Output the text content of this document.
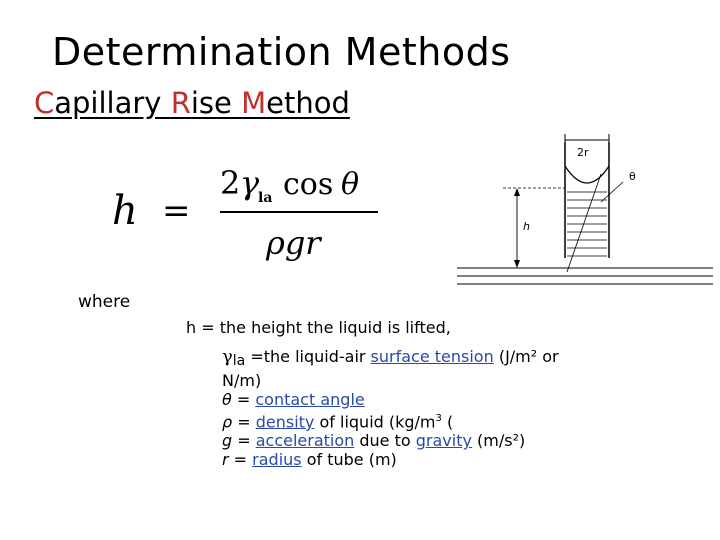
Determination Methods
Capillary Rise Method
h =
2 γ
la cos θ
ρgr
2r
θ
h
where
h = the height the liquid is lifted,
γla =the liquid-air surface tension (J/m² or
N/m)
θ = contact angle
ρ = density of liquid ($kg/m^3$ (
g = acceleration due to gravity (m/s²)
r = radius of tube (m)
